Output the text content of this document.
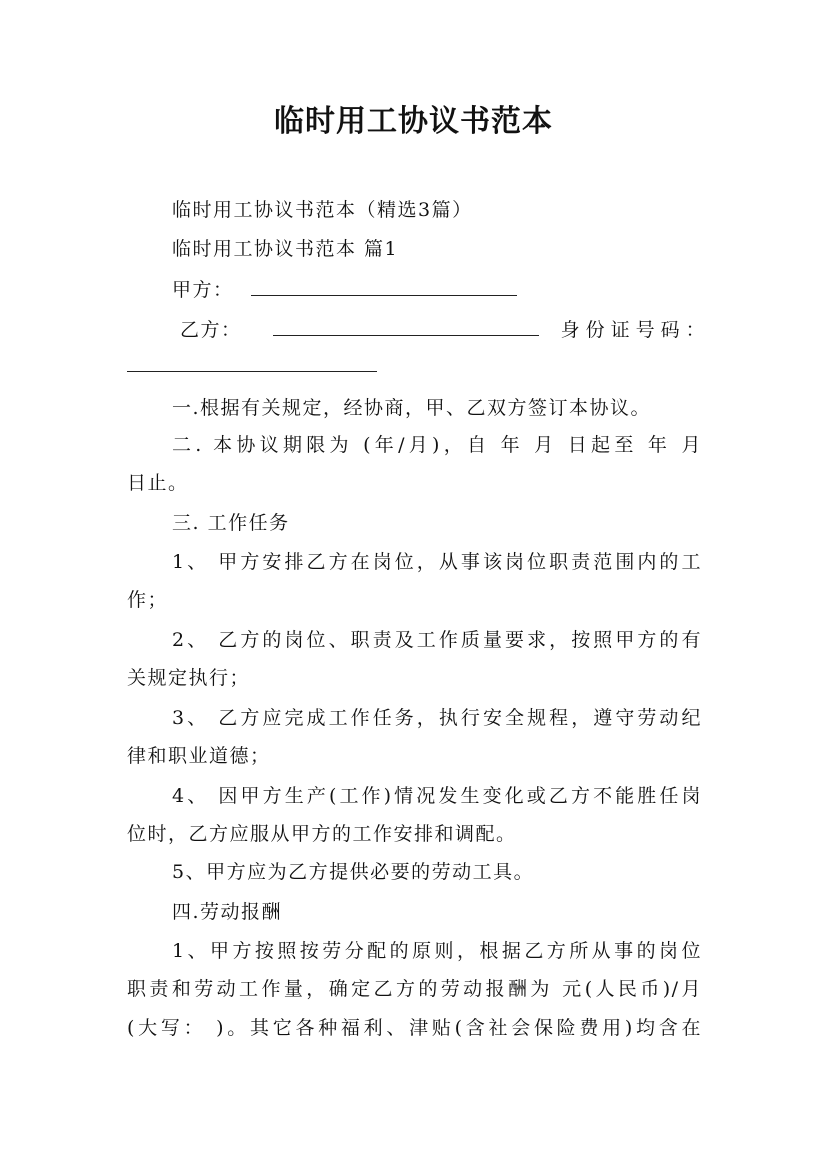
临时用工协议书范本
临时用工协议书范本（精选3篇）
临时用工协议书范本 篇1
甲方：
乙方：	身份证号码：
一.根据有关规定，经协商，甲、乙双方签订本协议。
二. 本协议期限为 (年/月)，自 年 月 日起至 年 月
日止。
三. 工作任务
1、 甲方安排乙方在岗位，从事该岗位职责范围内的工
作；
2、 乙方的岗位、职责及工作质量要求，按照甲方的有
关规定执行；
3、 乙方应完成工作任务，执行安全规程，遵守劳动纪
律和职业道德；
4、 因甲方生产(工作)情况发生变化或乙方不能胜任岗
位时，乙方应服从甲方的工作安排和调配。
5、甲方应为乙方提供必要的劳动工具。
四.劳动报酬
1、甲方按照按劳分配的原则，根据乙方所从事的岗位
职责和劳动工作量，确定乙方的劳动报酬为 元(人民币)/月
(大写： )。其它各种福利、津贴(含社会保险费用)均含在
